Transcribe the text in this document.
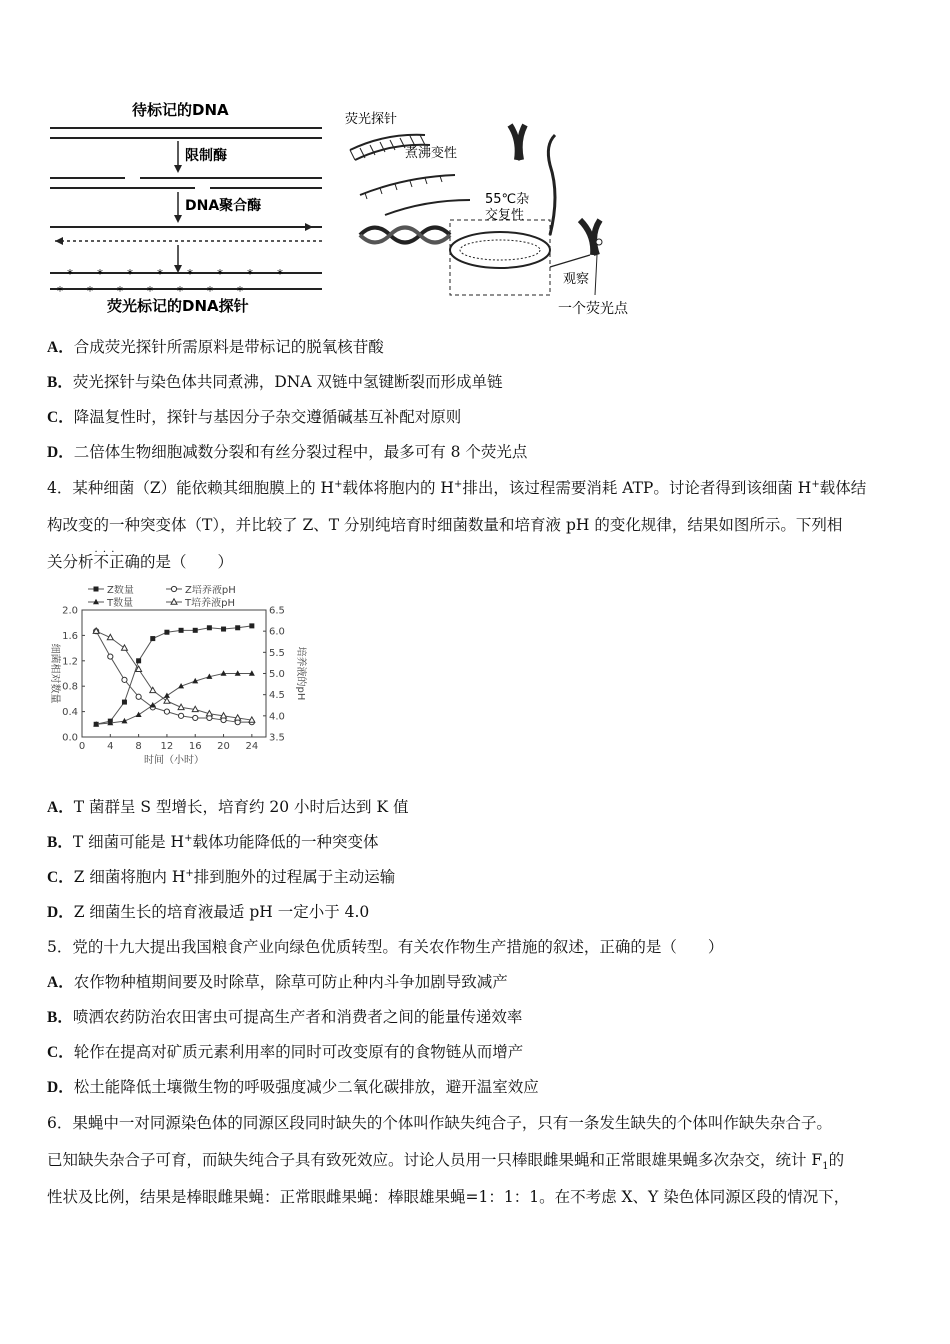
待标记的DNA
限制酶
DNA聚合酶
* * * * * * * *
* * * * * * *
荧光标记的DNA探针
荧光探针
煮沸变性
55℃杂
交复性
观察
一个荧光点
A．合成荧光探针所需原料是带标记的脱氧核苷酸
B．荧光探针与染色体共同煮沸，DNA 双链中氢键断裂而形成单链
C．降温复性时，探针与基因分子杂交遵循碱基互补配对原则
D．二倍体生物细胞减数分裂和有丝分裂过程中，最多可有 8 个荧光点
4．某种细菌（Z）能依赖其细胞膜上的 H+载体将胞内的 H+排出，该过程需要消耗 ATP。讨论者得到该细菌 H+载体结
构改变的一种突变体（T），并比较了 Z、T 分别纯培育时细菌数量和培育液 pH 的变化规律，结果如图所示。下列相
关分析不正确 · · ·的是（　　）
0 4 8 12 16 20 24
0.0
0.4
0.8
1.2
1.6
2.0
3.5
4.0
4.5
5.0
5.5
6.0
6.5
时间（小时）
细菌相对数量	培养液的pH
Z数量	Z培养液pH
T数量	T培养液pH
A．T 菌群呈 S 型增长，培育约 20 小时后达到 K 值
B．T 细菌可能是 H+载体功能降低的一种突变体
C．Z 细菌将胞内 H+排到胞外的过程属于主动运输
D．Z 细菌生长的培育液最适 pH 一定小于 4.0
5．党的十九大提出我国粮食产业向绿色优质转型。有关农作物生产措施的叙述，正确的是（　　）
A．农作物种植期间要及时除草，除草可防止种内斗争加剧导致减产
B．喷洒农药防治农田害虫可提高生产者和消费者之间的能量传递效率
C．轮作在提高对矿质元素利用率的同时可改变原有的食物链从而增产
D．松土能降低土壤微生物的呼吸强度减少二氧化碳排放，避开温室效应
6．果蝇中一对同源染色体的同源区段同时缺失的个体叫作缺失纯合子，只有一条发生缺失的个体叫作缺失杂合子。
已知缺失杂合子可育，而缺失纯合子具有致死效应。讨论人员用一只棒眼雌果蝇和正常眼雄果蝇多次杂交，统计 $F_1$的
性状及比例，结果是棒眼雌果蝇：正常眼雌果蝇：棒眼雄果蝇=1：1：1。在不考虑 X、Y 染色体同源区段的情况下，
